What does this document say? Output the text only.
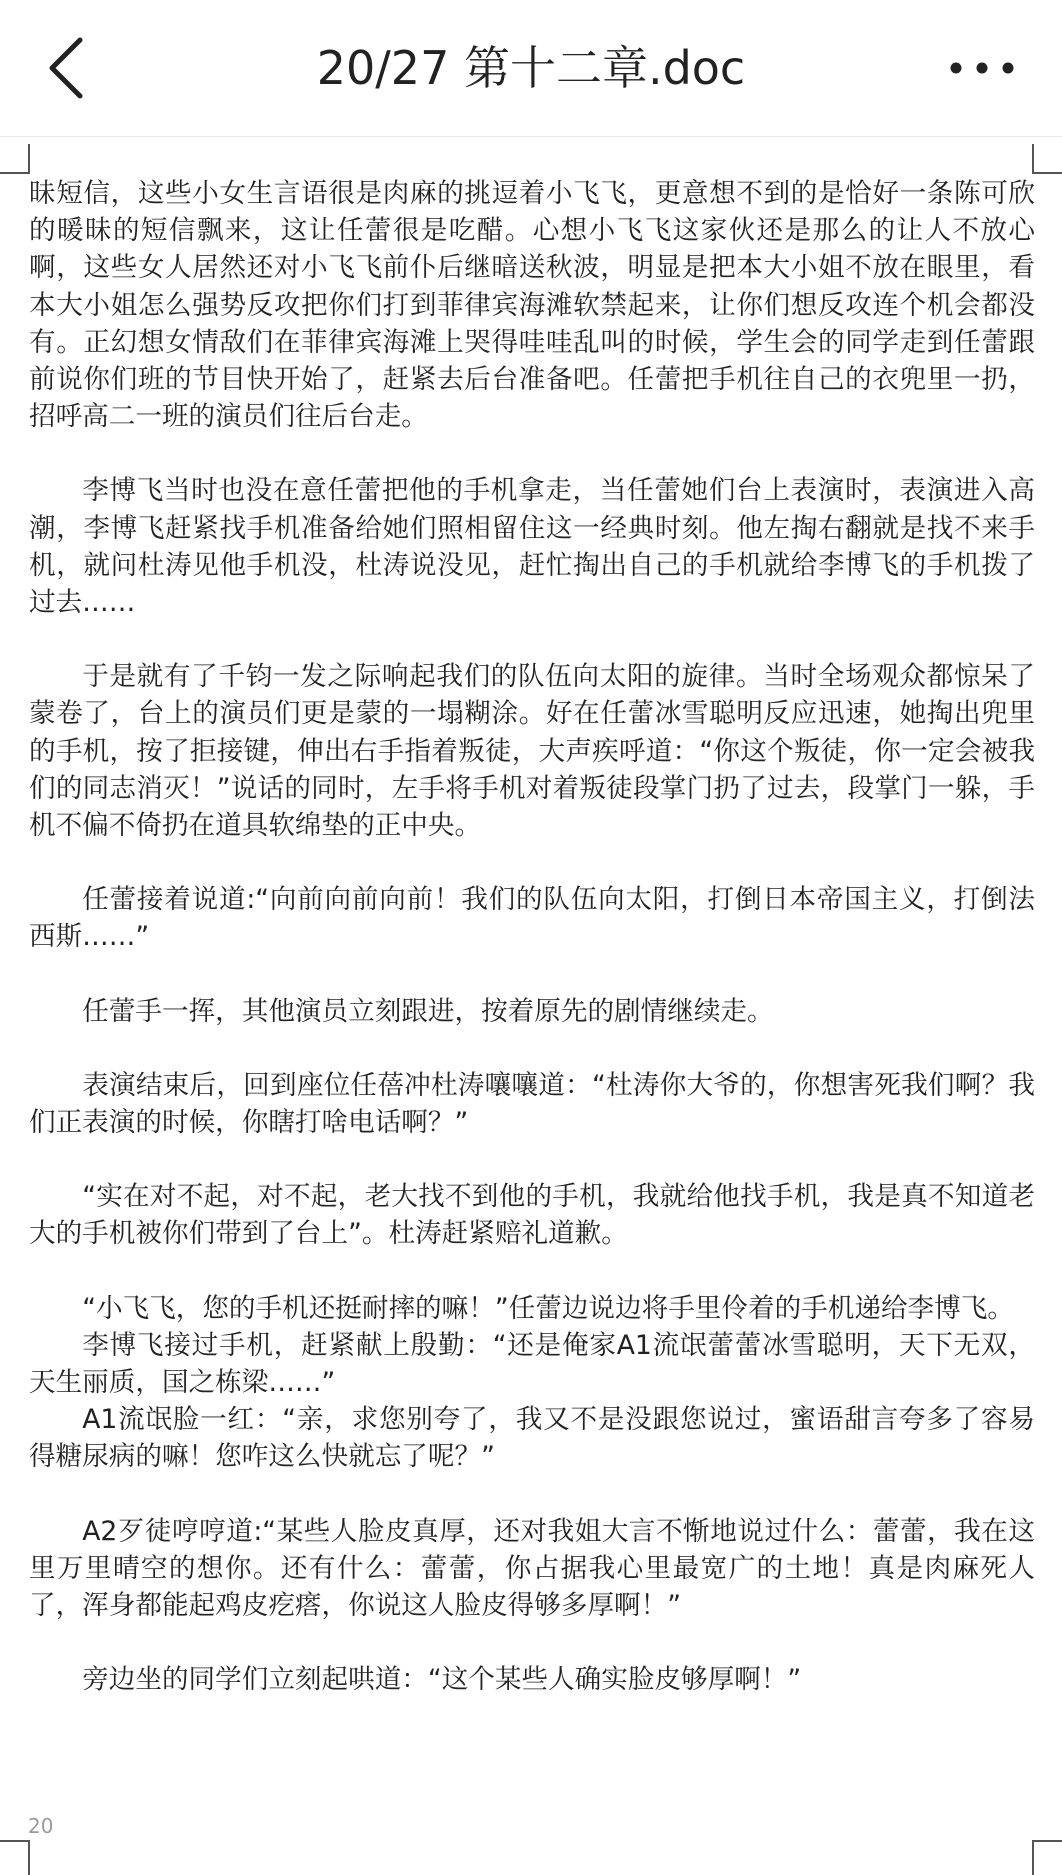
20/27 第十二章.doc

昧短信，这些小女生言语很是肉麻的挑逗着小飞飞，更意想不到的是恰好一条陈可欣的暖昧的短信飘来，这让任蕾很是吃醋。心想小飞飞这家伙还是那么的让人不放心啊，这些女人居然还对小飞飞前仆后继暗送秋波，明显是把本大小姐不放在眼里，看本大小姐怎么强势反攻把你们打到菲律宾海滩软禁起来，让你们想反攻连个机会都没有。正幻想女情敌们在菲律宾海滩上哭得哇哇乱叫的时候，学生会的同学走到任蕾跟前说你们班的节目快开始了，赶紧去后台准备吧。任蕾把手机往自己的衣兜里一扔，招呼高二一班的演员们往后台走。

李博飞当时也没在意任蕾把他的手机拿走，当任蕾她们台上表演时，表演进入高潮，李博飞赶紧找手机准备给她们照相留住这一经典时刻。他左掏右翻就是找不来手机，就问杜涛见他手机没，杜涛说没见，赶忙掏出自己的手机就给李博飞的手机拨了过去……

于是就有了千钧一发之际响起我们的队伍向太阳的旋律。当时全场观众都惊呆了蒙卷了，台上的演员们更是蒙的一塌糊涂。好在任蕾冰雪聪明反应迅速，她掏出兜里的手机，按了拒接键，伸出右手指着叛徒，大声疾呼道：“你这个叛徒，你一定会被我们的同志消灭！”说话的同时，左手将手机对着叛徒段掌门扔了过去，段掌门一躲，手机不偏不倚扔在道具软绵垫的正中央。

任蕾接着说道:“向前向前向前！我们的队伍向太阳，打倒日本帝国主义，打倒法西斯……”

任蕾手一挥，其他演员立刻跟进，按着原先的剧情继续走。

表演结束后，回到座位任蓓冲杜涛嚷嚷道：“杜涛你大爷的，你想害死我们啊？我们正表演的时候，你瞎打啥电话啊？”

“实在对不起，对不起，老大找不到他的手机，我就给他找手机，我是真不知道老大的手机被你们带到了台上”。杜涛赶紧赔礼道歉。

“小飞飞，您的手机还挺耐摔的嘛！”任蕾边说边将手里伶着的手机递给李博飞。

李博飞接过手机，赶紧献上殷勤：“还是俺家A1流氓蕾蕾冰雪聪明，天下无双，天生丽质，国之栋梁……”

A1流氓脸一红：“亲，求您别夸了，我又不是没跟您说过，蜜语甜言夸多了容易得糖尿病的嘛！您咋这么快就忘了呢？”

A2歹徒哼哼道:“某些人脸皮真厚，还对我姐大言不惭地说过什么：蕾蕾，我在这里万里晴空的想你。还有什么：蕾蕾，你占据我心里最宽广的土地！真是肉麻死人了，浑身都能起鸡皮疙瘩，你说这人脸皮得够多厚啊！”

旁边坐的同学们立刻起哄道：“这个某些人确实脸皮够厚啊！”

20
